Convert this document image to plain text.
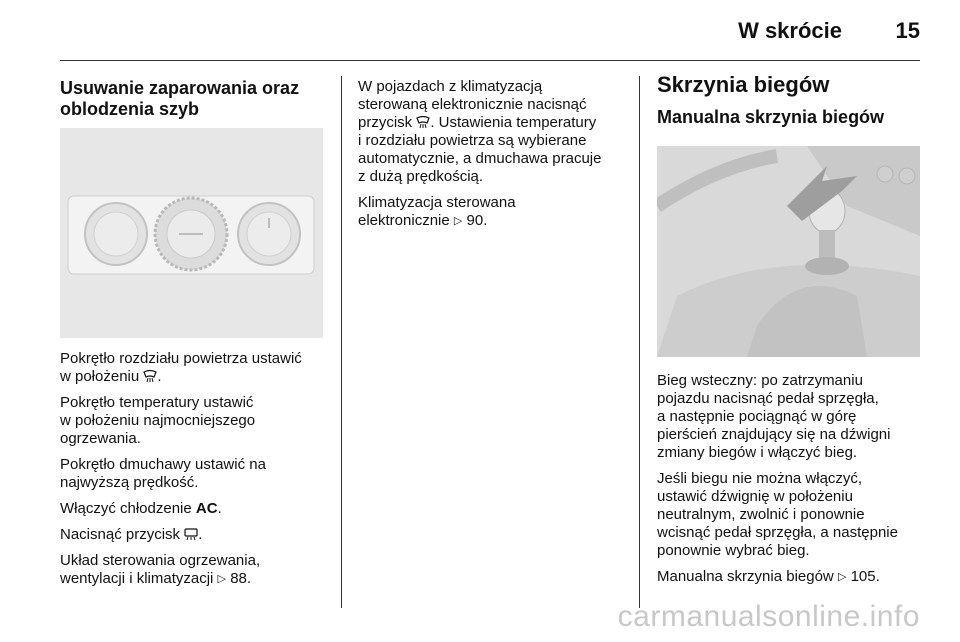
W skrócie 15
Usuwanie zaparowania oraz
oblodzenia szyb

Pokrętło rozdziału powietrza ustawić
w położeniu .

Pokrętło temperatury ustawić
w położeniu najmocniejszego
ogrzewania.

Pokrętło dmuchawy ustawić na
najwyższą prędkość.

Włączyć chłodzenie AC.

Nacisnąć przycisk .

Układ sterowania ogrzewania,
wentylacji i klimatyzacji ▷ 88.

W pojazdach z klimatyzacją
sterowaną elektronicznie nacisnąć
przycisk . Ustawienia temperatury
i rozdziału powietrza są wybierane
automatycznie, a dmuchawa pracuje
z dużą prędkością.

Klimatyzacja sterowana
elektronicznie ▷ 90.

Skrzynia biegów
Manualna skrzynia biegów

Bieg wsteczny: po zatrzymaniu
pojazdu nacisnąć pedał sprzęgła,
a następnie pociągnąć w górę
pierścień znajdujący się na dźwigni
zmiany biegów i włączyć bieg.

Jeśli biegu nie można włączyć,
ustawić dźwignię w położeniu
neutralnym, zwolnić i ponownie
wcisnąć pedał sprzęgła, a następnie
ponownie wybrać bieg.

Manualna skrzynia biegów ▷ 105.

carmanualsonline.info
